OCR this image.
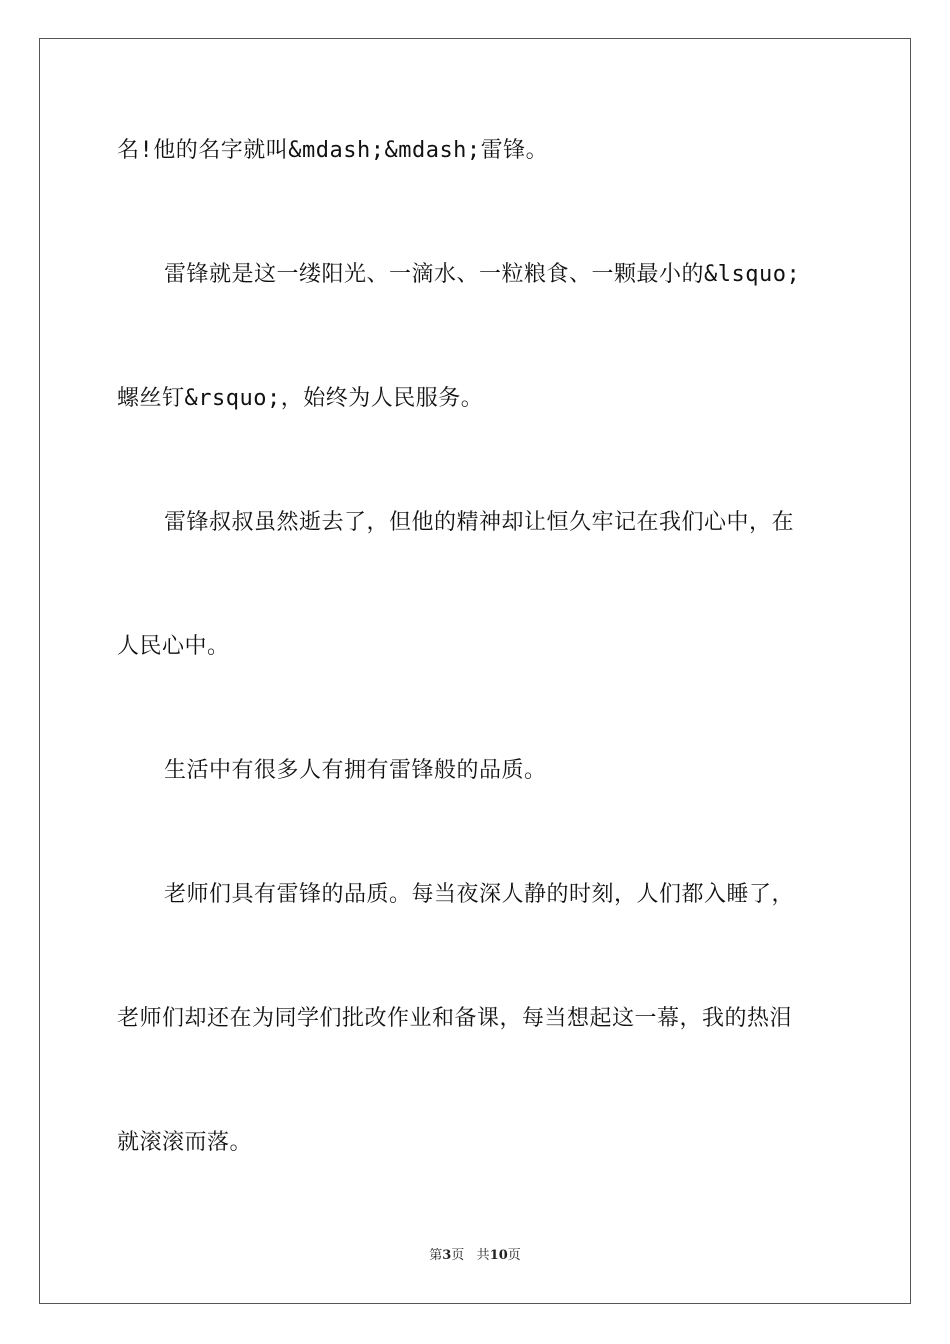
名!他的名字就叫&mdash;&mdash;雷锋。
雷锋就是这一缕阳光、一滴水、一粒粮食、一颗最小的&lsquo;
螺丝钉&rsquo;，始终为人民服务。
雷锋叔叔虽然逝去了，但他的精神却让恒久牢记在我们心中，在
人民心中。
生活中有很多人有拥有雷锋般的品质。
老师们具有雷锋的品质。每当夜深人静的时刻，人们都入睡了，
老师们却还在为同学们批改作业和备课，每当想起这一幕，我的热泪
就滚滚而落。
第3页 共10页
